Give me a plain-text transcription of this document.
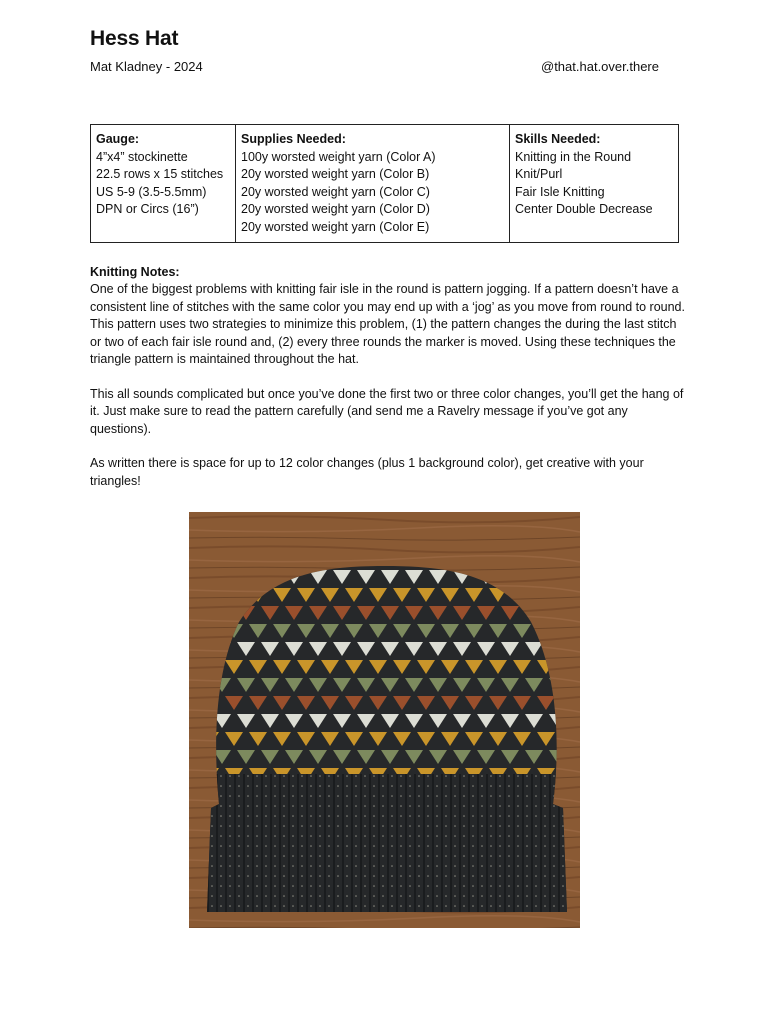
Hess Hat
Mat Kladney - 2024	@that.hat.over.there
Gauge:
4”x4” stockinette
22.5 rows x 15 stitches
US 5-9 (3.5-5.5mm)
DPN or Circs (16”)

Supplies Needed:
100y worsted weight yarn (Color A)
20y worsted weight yarn (Color B)
20y worsted weight yarn (Color C)
20y worsted weight yarn (Color D)
20y worsted weight yarn (Color E)

Skills Needed:
Knitting in the Round
Knit/Purl
Fair Isle Knitting
Center Double Decrease
Knitting Notes:

One of the biggest problems with knitting fair isle in the round is pattern jogging. If a pattern doesn’t have a consistent line of stitches with the same color you may end up with a ‘jog’ as you move from round to round. This pattern uses two strategies to minimize this problem, (1) the pattern changes the during the last stitch or two of each fair isle round and, (2) every three rounds the marker is moved. Using these techniques the triangle pattern is maintained throughout the hat.

This all sounds complicated but once you’ve done the first two or three color changes, you’ll get the hang of it. Just make sure to read the pattern carefully (and send me a Ravelry message if you’ve got any questions).

As written there is space for up to 12 color changes (plus 1 background color), get creative with your triangles!
